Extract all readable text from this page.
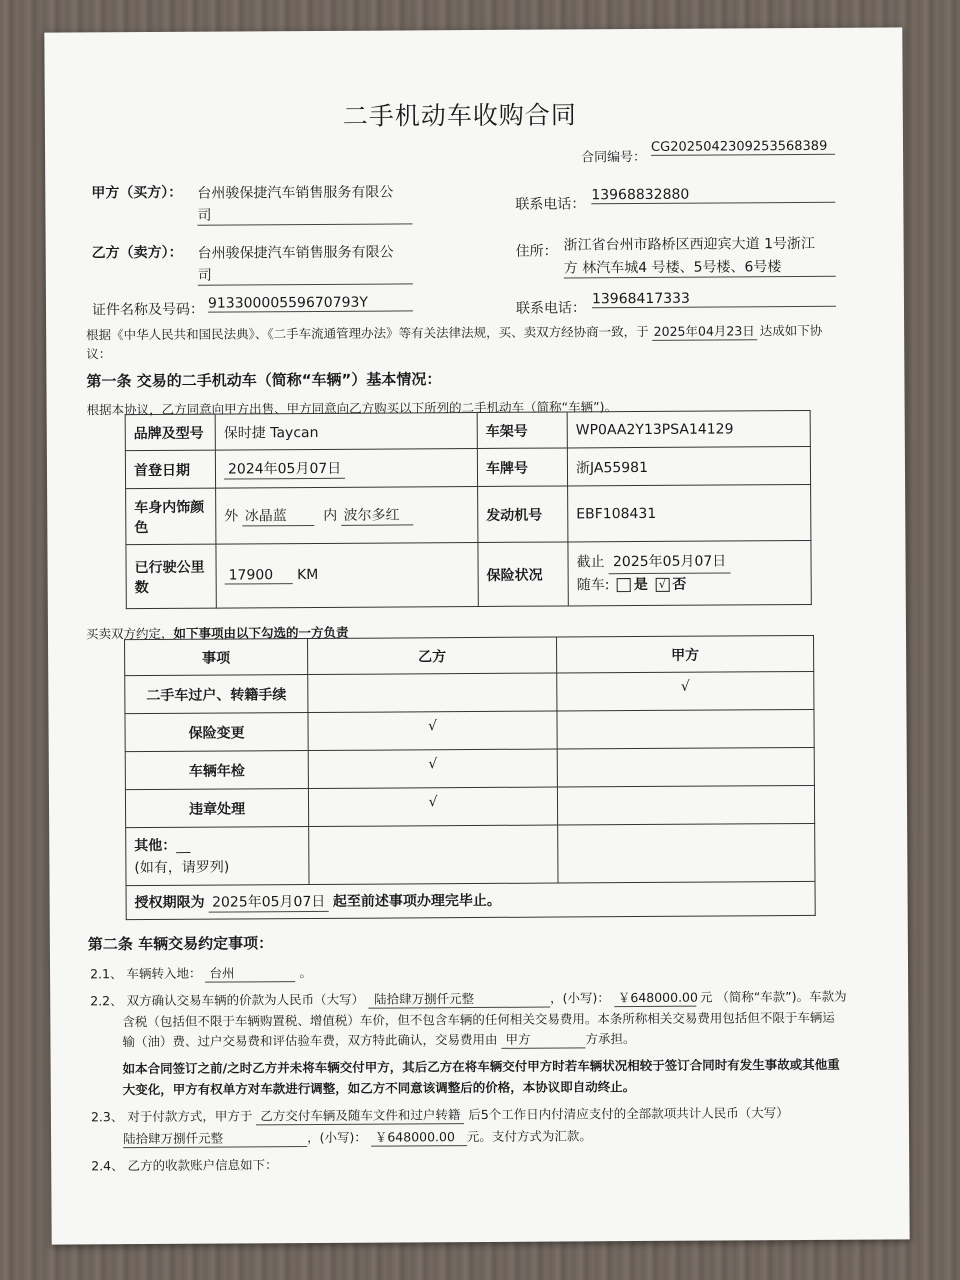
二手机动车收购合同
合同编号：
CG2025042309253568389
甲方（买方）： 台州骏保捷汽车销售服务有限公
司
联系电话：
13968832880
乙方（卖方）： 台州骏保捷汽车销售服务有限公
司
住所： 浙江省台州市路桥区西迎宾大道 1号浙江
方 林汽车城4 号楼、5号楼、6号楼
证件名称及号码： 91330000559670793Y	联系电话：
13968417333
根据《中华人民共和国民法典》、《二手车流通管理办法》等有关法律法规，买、卖双方经协商一致，于 2025年04月23日 达成如下协
议：
第一条 交易的二手机动车（简称“车辆”）基本情况：
根据本协议，乙方同意向甲方出售、甲方同意向乙方购买以下所列的二手机动车（简称“车辆”)。
品牌及型号	保时捷 Taycan	车架号	WP0AA2Y13PSA14129
首登日期	2024年05月07日	车牌号	浙JA55981
车身内饰颜
色	外 冰晶蓝 内 波尔多红	发动机号	EBF108431
已行驶公里
数	17900 KM	保险状况	截止 2025年05月07日
随车: 是 √ 否
买卖双方约定，如下事项由以下勾选的一方负责
事项	乙方	甲方
二手车过户、转籍手续		√
保险变更	√	
车辆年检	√	
违章处理	√	
其他：__
(如有，请罗列)		
授权期限为 2025年05月07日 起至前述事项办理完毕止。		
第二条 车辆交易约定事项：
2.1、 车辆转入地： 台州	。
2.2、 双方确认交易车辆的价款为人民币（大写） 陆拾肆万捌仟元整	，(小写)： ￥648000.00 元 （简称“车款”)。车款为
含税（包括但不限于车辆购置税、增值税）车价，但不包含车辆的任何相关交易费用。本条所称相关交易费用包括但不限于车辆运
输（油）费、过户交易费和评估验车费，双方特此确认，交易费用由 甲方	方承担。
如本合同签订之前/之时乙方并未将车辆交付甲方，其后乙方在将车辆交付甲方时若车辆状况相较于签订合同时有发生事故或其他重
大变化，甲方有权单方对车款进行调整，如乙方不同意该调整后的价格，本协议即自动终止。
2.3、 对于付款方式，甲方于 乙方交付车辆及随车文件和过户转籍 后5个工作日内付清应支付的全部款项共计人民币（大写）
陆拾肆万捌仟元整	，(小写)： ￥648000.00 元。支付方式为汇款。
2.4、 乙方的收款账户信息如下：
